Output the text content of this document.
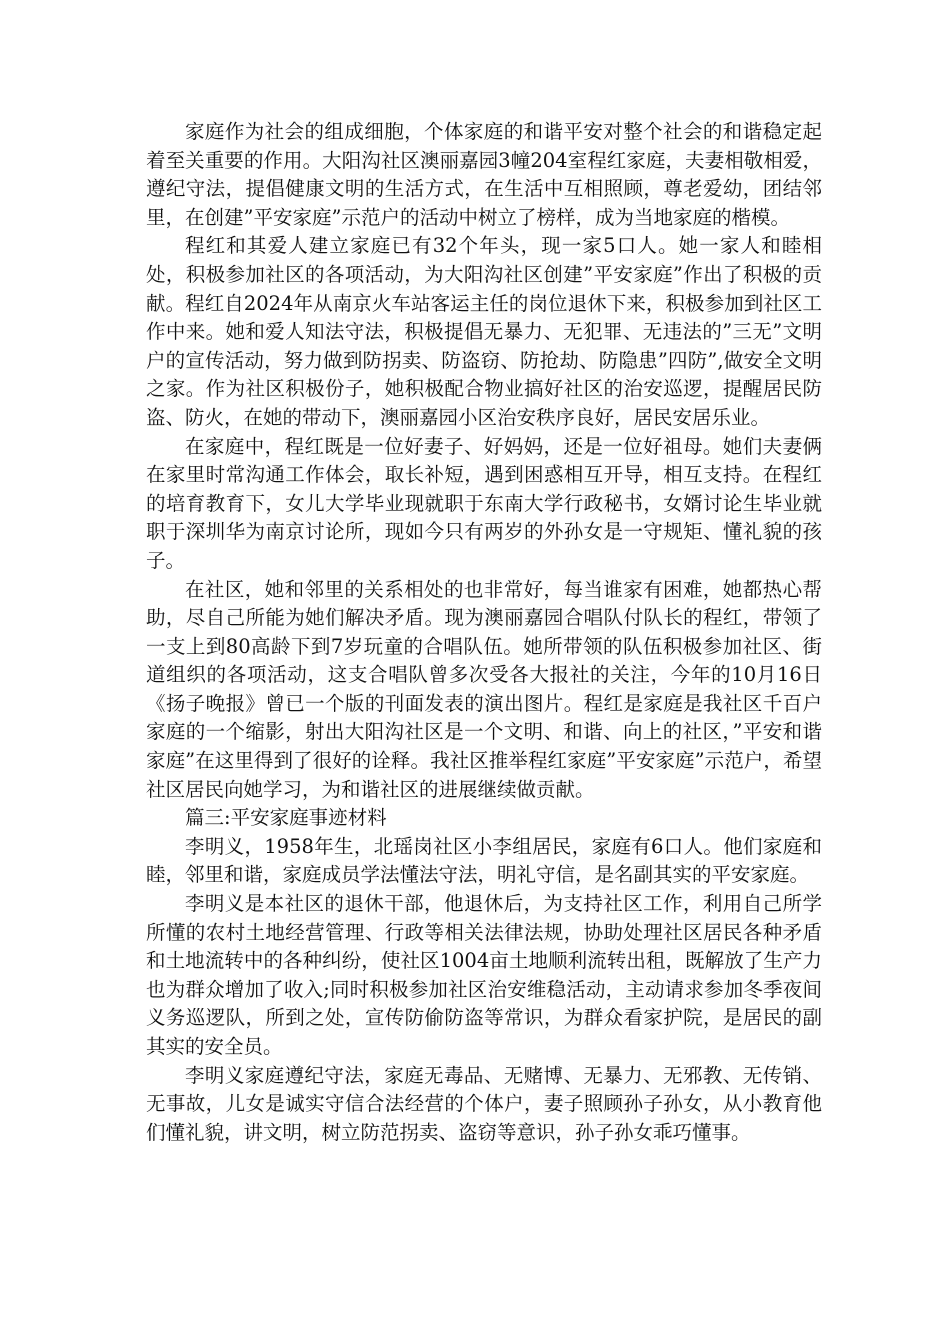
家庭作为社会的组成细胞，个体家庭的和谐平安对整个社会的和谐稳定起着至关重要的作用。大阳沟社区澳丽嘉园3幢204室程红家庭，夫妻相敬相爱，遵纪守法，提倡健康文明的生活方式，在生活中互相照顾，尊老爱幼，团结邻里，在创建”平安家庭”示范户的活动中树立了榜样，成为当地家庭的楷模。

程红和其爱人建立家庭已有32个年头，现一家5口人。她一家人和睦相处，积极参加社区的各项活动，为大阳沟社区创建”平安家庭”作出了积极的贡献。程红自2024年从南京火车站客运主任的岗位退休下来，积极参加到社区工作中来。她和爱人知法守法，积极提倡无暴力、无犯罪、无违法的”三无”文明户的宣传活动，努力做到防拐卖、防盗窃、防抢劫、防隐患”四防”,做安全文明之家。作为社区积极份子，她积极配合物业搞好社区的治安巡逻，提醒居民防盗、防火，在她的带动下，澳丽嘉园小区治安秩序良好，居民安居乐业。

在家庭中，程红既是一位好妻子、好妈妈，还是一位好祖母。她们夫妻俩在家里时常沟通工作体会，取长补短，遇到困惑相互开导，相互支持。在程红的培育教育下，女儿大学毕业现就职于东南大学行政秘书，女婿讨论生毕业就职于深圳华为南京讨论所，现如今只有两岁的外孙女是一守规矩、懂礼貌的孩子。

在社区，她和邻里的关系相处的也非常好，每当谁家有困难，她都热心帮助，尽自己所能为她们解决矛盾。现为澳丽嘉园合唱队付队长的程红，带领了一支上到80高龄下到7岁玩童的合唱队伍。她所带领的队伍积极参加社区、街道组织的各项活动，这支合唱队曾多次受各大报社的关注，今年的10月16日《扬子晚报》曾已一个版的刊面发表的演出图片。程红是家庭是我社区千百户家庭的一个缩影，射出大阳沟社区是一个文明、和谐、向上的社区，”平安和谐家庭”在这里得到了很好的诠释。我社区推举程红家庭”平安家庭”示范户，希望社区居民向她学习，为和谐社区的进展继续做贡献。

篇三:平安家庭事迹材料

李明义，1958年生，北瑶岗社区小李组居民，家庭有6口人。他们家庭和睦，邻里和谐，家庭成员学法懂法守法，明礼守信，是名副其实的平安家庭。

李明义是本社区的退休干部，他退休后，为支持社区工作，利用自己所学所懂的农村土地经营管理、行政等相关法律法规，协助处理社区居民各种矛盾和土地流转中的各种纠纷，使社区1004亩土地顺利流转出租，既解放了生产力也为群众增加了收入;同时积极参加社区治安维稳活动，主动请求参加冬季夜间义务巡逻队，所到之处，宣传防偷防盗等常识，为群众看家护院，是居民的副其实的安全员。

李明义家庭遵纪守法，家庭无毒品、无赌博、无暴力、无邪教、无传销、无事故，儿女是诚实守信合法经营的个体户，妻子照顾孙子孙女，从小教育他们懂礼貌，讲文明，树立防范拐卖、盗窃等意识，孙子孙女乖巧懂事。
